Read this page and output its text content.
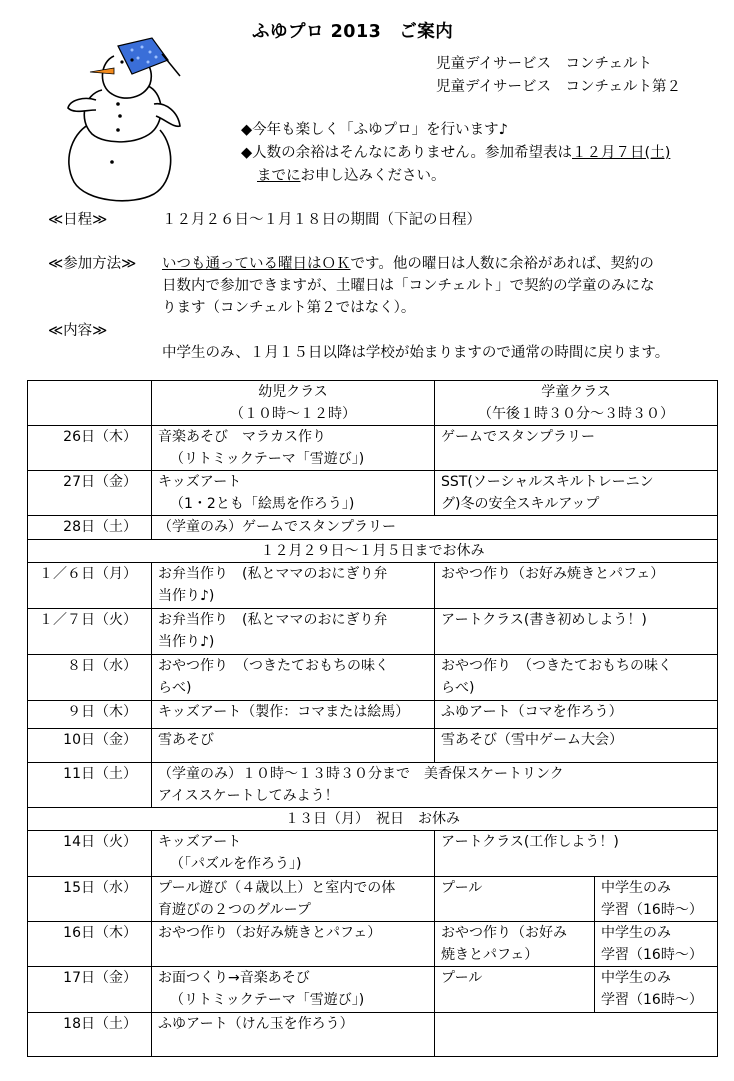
ふゆプロ 2013　ご案内
児童デイサービス　コンチェルト
児童デイサービス　コンチェルト第２
◆今年も楽しく「ふゆプロ」を行います♪
◆人数の余裕はそんなにありません。参加希望表は１２月７日(土)
までにお申し込みください。
≪日程≫	１２月２６日～１月１８日の期間（下記の日程）
≪参加方法≫ いつも通っている曜日はＯＫです。他の曜日は人数に余裕があれば、契約の
日数内で参加できますが、土曜日は「コンチェルト」で契約の学童のみにな
ります（コンチェルト第２ではなく）。
≪内容≫
中学生のみ、１月１５日以降は学校が始まりますので通常の時間に戻ります。

	幼児クラス
（１０時～１２時）	学童クラス
（午後１時３０分～３時３０）	

26日（木）	音楽あそび　マラカス作り
（リトミックテーマ「雪遊び」)	ゲームでスタンプラリー	

27日（金）	キッズアート
（1・2とも「絵馬を作ろう」)	SST(ソーシャルスキルトレーニン
グ)冬の安全スキルアップ	

28日（土）	（学童のみ）ゲームでスタンプラリー		
１２月２９日～１月５日までお休み			
１／６日（月）	お弁当作り　(私とママのおにぎり弁
当作り♪)	おやつ作り（お好み焼きとパフェ）	

１／７日（火）	お弁当作り　(私とママのおにぎり弁
当作り♪)	アートクラス(書き初めしよう！)	

８日（水）	おやつ作り　（つきたておもちの味く
らべ)	おやつ作り　（つきたておもちの味く
らべ)	

９日（木）	キッズアート（製作：コマまたは絵馬）	ふゆアート（コマを作ろう）	

10日（金）	雪あそび	雪あそび（雪中ゲーム大会）	

11日（土）	（学童のみ）１０時～１３時３０分まで　美香保スケートリンク
アイススケートしてみよう！		

１３日（月）　祝日　お休み			
14日（火）	キッズアート
（「パズルを作ろう」)	アートクラス(工作しよう！)	

15日（水）	プール遊び（４歳以上）と室内での体
育遊びの２つのグループ	プール	中学生のみ
学習（16時～）

16日（木）	おやつ作り（お好み焼きとパフェ）	おやつ作り（お好み
焼きとパフェ）	中学生のみ
学習（16時～）

17日（金）	お面つくり→音楽あそび
（リトミックテーマ「雪遊び」)	プール	中学生のみ
学習（16時～）

18日（土）	ふゆアート（けん玉を作ろう）		
